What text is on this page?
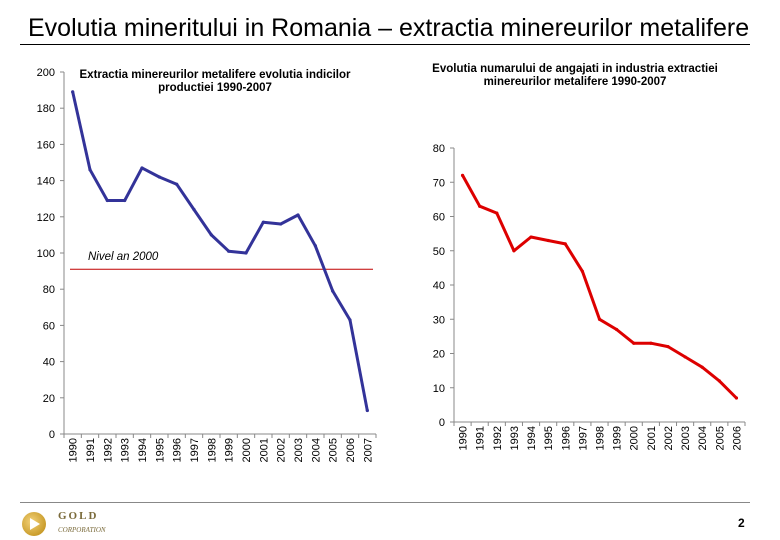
Evolutia mineritului in Romania – extractia minereurilor metalifere
Extractia minereurilor metalifere evolutia indicilor productiei 1990-2007
Evolutia numarului de angajati in industria extractiei minereurilor metalifere 1990-2007
Nivel an 2000
0
20
40
60
80
100
120
140
160
180
200
1990 1991 1992 1993 1994 1995 1996 1997 1998 1999 2000 2001 2002 2003 2004 2005 2006 2007
0
10
20
30
40
50
60
70
80
1990 1991 1992 1993 1994 1995 1996 1997 1998 1999 2000 2001 2002 2003 2004 2005 2006
GOLD
CORPORATION	2
